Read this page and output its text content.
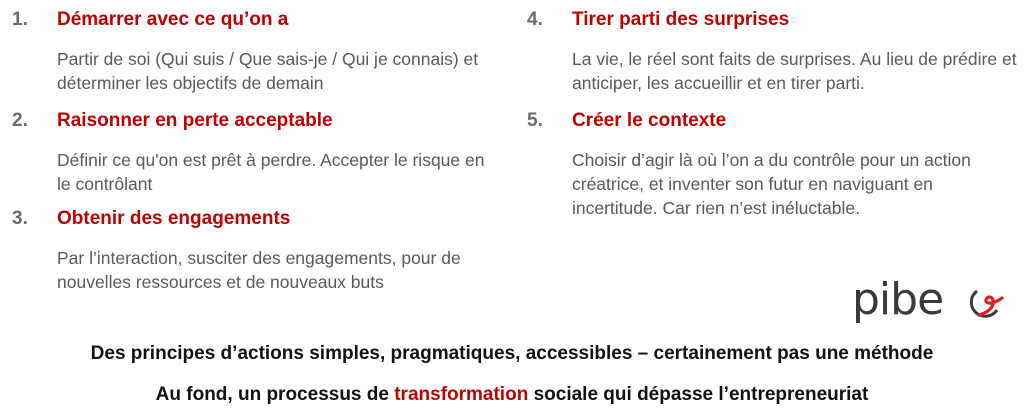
1. Démarrer avec ce qu’on a
Partir de soi (Qui suis / Que sais-je / Qui je connais) et déterminer les objectifs de demain
2. Raisonner en perte acceptable
Définir ce qu'on est prêt à perdre. Accepter le risque en le contrôlant
3. Obtenir des engagements
Par l’interaction, susciter des engagements, pour de nouvelles ressources et de nouveaux buts
4. Tirer parti des surprises
La vie, le réel sont faits de surprises. Au lieu de prédire et anticiper, les accueillir et en tirer parti.
5. Créer le contexte
Choisir d’agir là où l’on a du contrôle pour un action créatrice, et inventer son futur en naviguant en incertitude. Car rien n’est inéluctable.
pibe
Des principes d’actions simples, pragmatiques, accessibles – certainement pas une méthode
Au fond, un processus de transformation sociale qui dépasse l’entrepreneuriat
